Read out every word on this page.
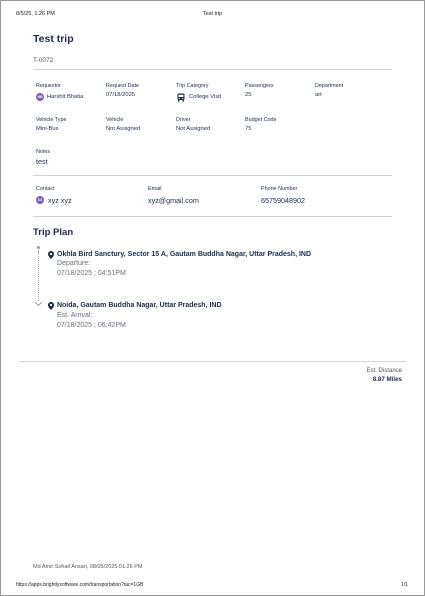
8/5/25, 1:26 PM	Test trip
Test trip
T-0072
Requestor
HB Harshit Bhatia
Request Date
07/18/2025
Trip Category
College Visit
Passengers
25
Department
art
Vehicle Type
Mini-Bus
Vehicle
Not Assigned
Driver
Not Assigned
Budget Code
75
Notes
test
Contact
XX xyz xyz
Email
xyz@gmail.com
Phone Number
65759048902
Trip Plan
Okhla Bird Sanctury, Sector 15 A, Gautam Buddha Nagar, Uttar Pradesh, IND
Departure:
07/18/2025 ; 04:51PM
Noida, Gautam Buddha Nagar, Uttar Pradesh, IND
Est. Arrival:
07/18/2025 ; 06:42PM
Est. Distance
8.87 Miles
Md Amir Sohail Ansari, 08/05/2025 01:26 PM
https://apps.brightlysoftware.com/transportation?tac=1GB	1/1
